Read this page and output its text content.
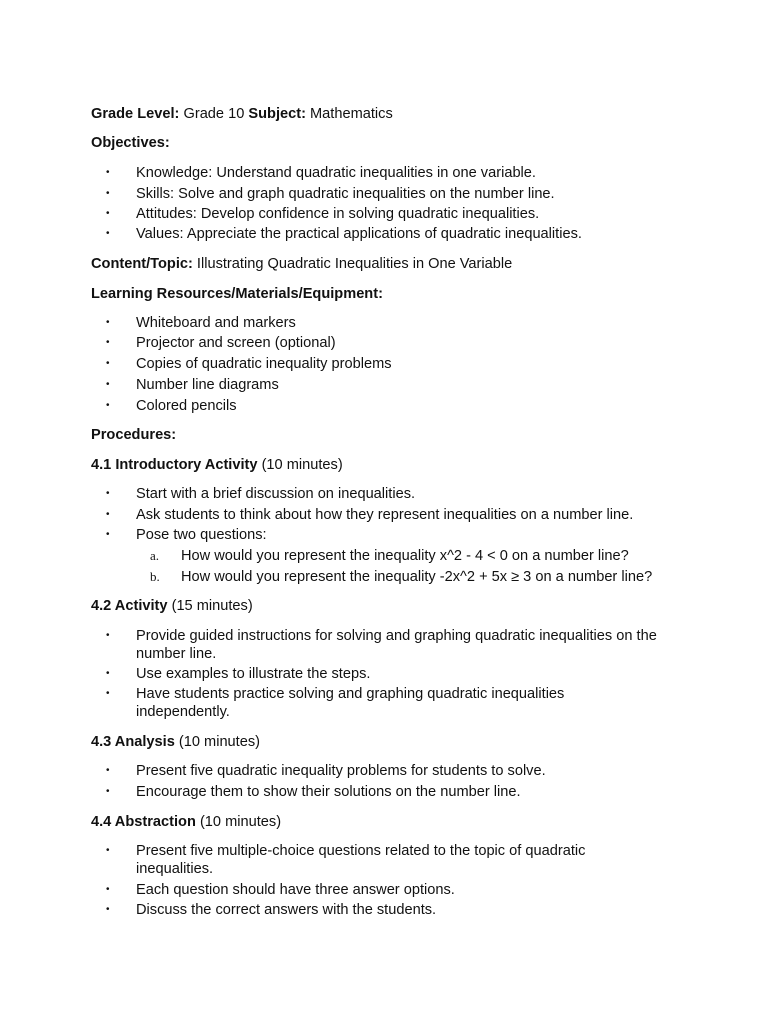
Grade Level: Grade 10 Subject: Mathematics
Objectives:
•	Knowledge: Understand quadratic inequalities in one variable.
•	Skills: Solve and graph quadratic inequalities on the number line.
•	Attitudes: Develop confidence in solving quadratic inequalities.
•	Values: Appreciate the practical applications of quadratic inequalities.
Content/Topic: Illustrating Quadratic Inequalities in One Variable
Learning Resources/Materials/Equipment:
•	Whiteboard and markers
•	Projector and screen (optional)
•	Copies of quadratic inequality problems
•	Number line diagrams
•	Colored pencils
Procedures:
4.1 Introductory Activity (10 minutes)
•	Start with a brief discussion on inequalities.
•	Ask students to think about how they represent inequalities on a number line.
•	Pose two questions:
a. How would you represent the inequality x^2 - 4 < 0 on a number line?
b. How would you represent the inequality -2x^2 + 5x ≥ 3 on a number line?
4.2 Activity (15 minutes)
•	Provide guided instructions for solving and graphing quadratic inequalities on the number line.
•	Use examples to illustrate the steps.
•	Have students practice solving and graphing quadratic inequalities independently.
4.3 Analysis (10 minutes)
•	Present five quadratic inequality problems for students to solve.
•	Encourage them to show their solutions on the number line.
4.4 Abstraction (10 minutes)
•	Present five multiple-choice questions related to the topic of quadratic inequalities.
•	Each question should have three answer options.
•	Discuss the correct answers with the students.
